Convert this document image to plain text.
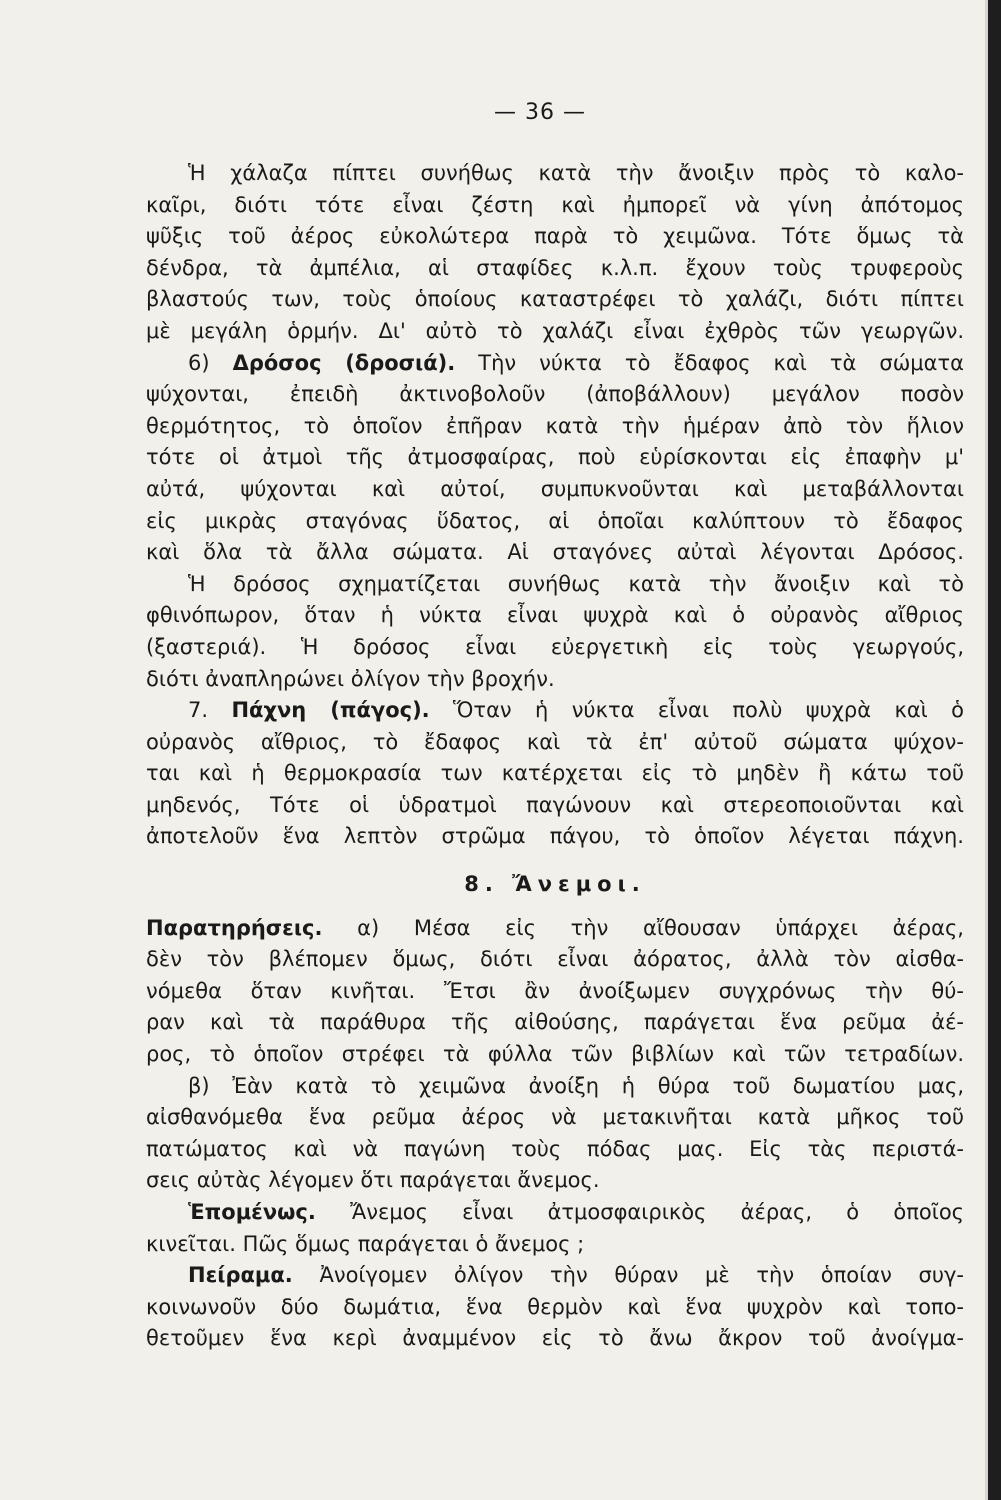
— 36 —
Ἡ χάλαζα πίπτει συνήθως κατὰ τὴν ἄνοιξιν πρὸς τὸ καλο-
καῖρι, διότι τότε εἶναι ζέστη καὶ ἠμπορεῖ νὰ γίνη ἀπότομος
ψῦξις τοῦ ἀέρος εὐκολώτερα παρὰ τὸ χειμῶνα. Τότε ὅμως τὰ
δένδρα, τὰ ἀμπέλια, αἱ σταφίδες κ.λ.π. ἔχουν τοὺς τρυφεροὺς
βλαστούς των, τοὺς ὁποίους καταστρέφει τὸ χαλάζι, διότι πίπτει
μὲ μεγάλη ὁρμήν. Δι' αὐτὸ τὸ χαλάζι εἶναι ἐχθρὸς τῶν γεωργῶν.
6) Δρόσος (δροσιά). Τὴν νύκτα τὸ ἔδαφος καὶ τὰ σώματα
ψύχονται, ἐπειδὴ ἀκτινοβολοῦν (ἀποβάλλουν) μεγάλον ποσὸν
θερμότητος, τὸ ὁποῖον ἐπῆραν κατὰ τὴν ἡμέραν ἀπὸ τὸν ἥλιον
τότε οἱ ἀτμοὶ τῆς ἀτμοσφαίρας, ποὺ εὑρίσκονται εἰς ἐπαφὴν μ'
αὐτά, ψύχονται καὶ αὐτοί, συμπυκνοῦνται καὶ μεταβάλλονται
εἰς μικρὰς σταγόνας ὕδατος, αἱ ὁποῖαι καλύπτουν τὸ ἔδαφος
καὶ ὅλα τὰ ἄλλα σώματα. Αἱ σταγόνες αὐταὶ λέγονται Δρόσος.
Ἡ δρόσος σχηματίζεται συνήθως κατὰ τὴν ἄνοιξιν καὶ τὸ
φθινόπωρον, ὅταν ἡ νύκτα εἶναι ψυχρὰ καὶ ὁ οὐρανὸς αἴθριος
(ξαστεριά). Ἡ δρόσος εἶναι εὐεργετικὴ εἰς τοὺς γεωργούς,
διότι ἀναπληρώνει ὀλίγον τὴν βροχήν.
7. Πάχνη (πάγος). Ὅταν ἡ νύκτα εἶναι πολὺ ψυχρὰ καὶ ὁ
οὐρανὸς αἴθριος, τὸ ἔδαφος καὶ τὰ ἐπ' αὐτοῦ σώματα ψύχον-
ται καὶ ἡ θερμοκρασία των κατέρχεται εἰς τὸ μηδὲν ἢ κάτω τοῦ
μηδενός, Τότε οἱ ὑδρατμοὶ παγώνουν καὶ στερεοποιοῦνται καὶ
ἀποτελοῦν ἕνα λεπτὸν στρῶμα πάγου, τὸ ὁποῖον λέγεται πάχνη.
8. Ἄνεμοι.
Παρατηρήσεις. α) Μέσα εἰς τὴν αἴθουσαν ὑπάρχει ἀέρας,
δὲν τὸν βλέπομεν ὅμως, διότι εἶναι ἀόρατος, ἀλλὰ τὸν αἰσθα-
νόμεθα ὅταν κινῆται. Ἔτσι ἂν ἀνοίξωμεν συγχρόνως τὴν θύ-
ραν καὶ τὰ παράθυρα τῆς αἰθούσης, παράγεται ἕνα ρεῦμα ἀέ-
ρος, τὸ ὁποῖον στρέφει τὰ φύλλα τῶν βιβλίων καὶ τῶν τετραδίων.
β) Ἐὰν κατὰ τὸ χειμῶνα ἀνοίξη ἡ θύρα τοῦ δωματίου μας,
αἰσθανόμεθα ἕνα ρεῦμα ἀέρος νὰ μετακινῆται κατὰ μῆκος τοῦ
πατώματος καὶ νὰ παγώνη τοὺς πόδας μας. Εἰς τὰς περιστά-
σεις αὐτὰς λέγομεν ὅτι παράγεται ἄνεμος.
Ἑπομένως. Ἄνεμος εἶναι ἀτμοσφαιρικὸς ἀέρας, ὁ ὁποῖος
κινεῖται. Πῶς ὅμως παράγεται ὁ ἄνεμος ;
Πείραμα. Ἀνοίγομεν ὀλίγον τὴν θύραν μὲ τὴν ὁποίαν συγ-
κοινωνοῦν δύο δωμάτια, ἕνα θερμὸν καὶ ἕνα ψυχρὸν καὶ τοπο-
θετοῦμεν ἕνα κερὶ ἀναμμένον εἰς τὸ ἄνω ἄκρον τοῦ ἀνοίγμα-
